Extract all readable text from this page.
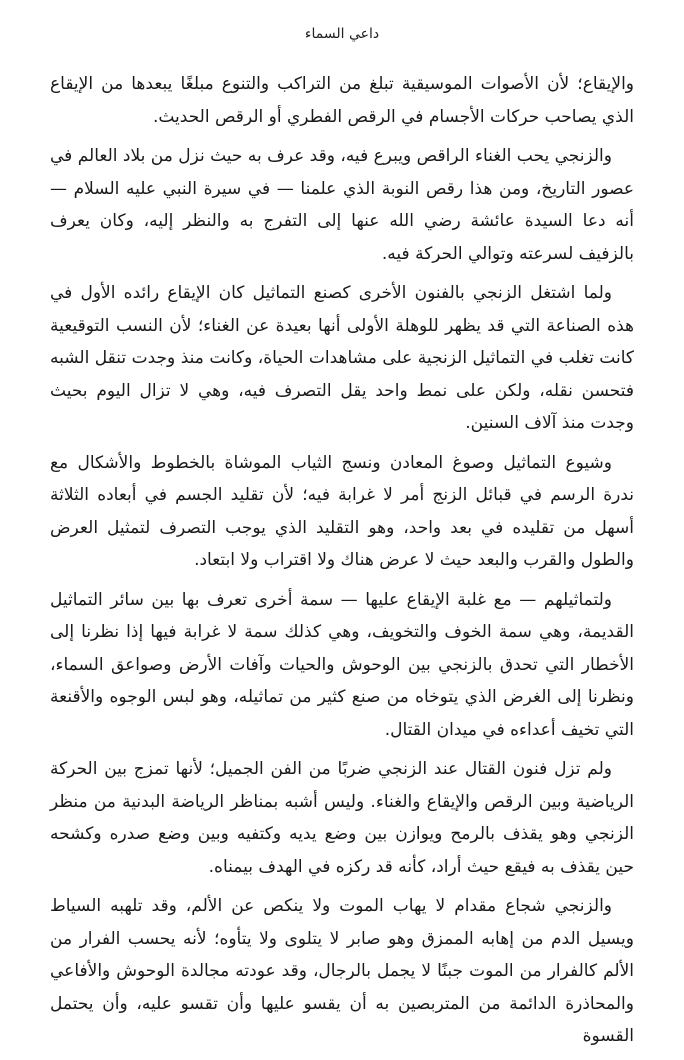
داعي السماء

والإيقاع؛ لأن الأصوات الموسيقية تبلغ من التراكب والتنوع مبلغًا يبعدها من الإيقاع الذي يصاحب حركات الأجسام في الرقص الفطري أو الرقص الحديث.

والزنجي يحب الغناء الراقص ويبرع فيه، وقد عرف به حيث نزل من بلاد العالم في عصور التاريخ، ومن هذا رقص النوبة الذي علمنا — في سيرة النبي عليه السلام — أنه دعا السيدة عائشة رضي الله عنها إلى التفرج به والنظر إليه، وكان يعرف بالزفيف لسرعته وتوالي الحركة فيه.

ولما اشتغل الزنجي بالفنون الأخرى كصنع التماثيل كان الإيقاع رائده الأول في هذه الصناعة التي قد يظهر للوهلة الأولى أنها بعيدة عن الغناء؛ لأن النسب التوقيعية كانت تغلب في التماثيل الزنجية على مشاهدات الحياة، وكانت منذ وجدت تنقل الشبه فتحسن نقله، ولكن على نمط واحد يقل التصرف فيه، وهي لا تزال اليوم بحيث وجدت منذ آلاف السنين.

وشيوع التماثيل وصوغ المعادن ونسج الثياب الموشاة بالخطوط والأشكال مع ندرة الرسم في قبائل الزنج أمر لا غرابة فيه؛ لأن تقليد الجسم في أبعاده الثلاثة أسهل من تقليده في بعد واحد، وهو التقليد الذي يوجب التصرف لتمثيل العرض والطول والقرب والبعد حيث لا عرض هناك ولا اقتراب ولا ابتعاد.

ولتماثيلهم — مع غلبة الإيقاع عليها — سمة أخرى تعرف بها بين سائر التماثيل القديمة، وهي سمة الخوف والتخويف، وهي كذلك سمة لا غرابة فيها إذا نظرنا إلى الأخطار التي تحدق بالزنجي بين الوحوش والحيات وآفات الأرض وصواعق السماء، ونظرنا إلى الغرض الذي يتوخاه من صنع كثير من تماثيله، وهو لبس الوجوه والأقنعة التي تخيف أعداءه في ميدان القتال.

ولم تزل فنون القتال عند الزنجي ضربًا من الفن الجميل؛ لأنها تمزج بين الحركة الرياضية وبين الرقص والإيقاع والغناء. وليس أشبه بمناظر الرياضة البدنية من منظر الزنجي وهو يقذف بالرمح ويوازن بين وضع يديه وكتفيه وبين وضع صدره وكشحه حين يقذف به فيقع حيث أراد، كأنه قد ركزه في الهدف بيمناه.

والزنجي شجاع مقدام لا يهاب الموت ولا ينكص عن الألم، وقد تلهبه السياط ويسيل الدم من إهابه الممزق وهو صابر لا يتلوى ولا يتأوه؛ لأنه يحسب الفرار من الألم كالفرار من الموت جبنًا لا يجمل بالرجال، وقد عودته مجالدة الوحوش والأفاعي والمحاذرة الدائمة من المتربصين به أن يقسو عليها وأن تقسو عليه، وأن يحتمل القسوة
